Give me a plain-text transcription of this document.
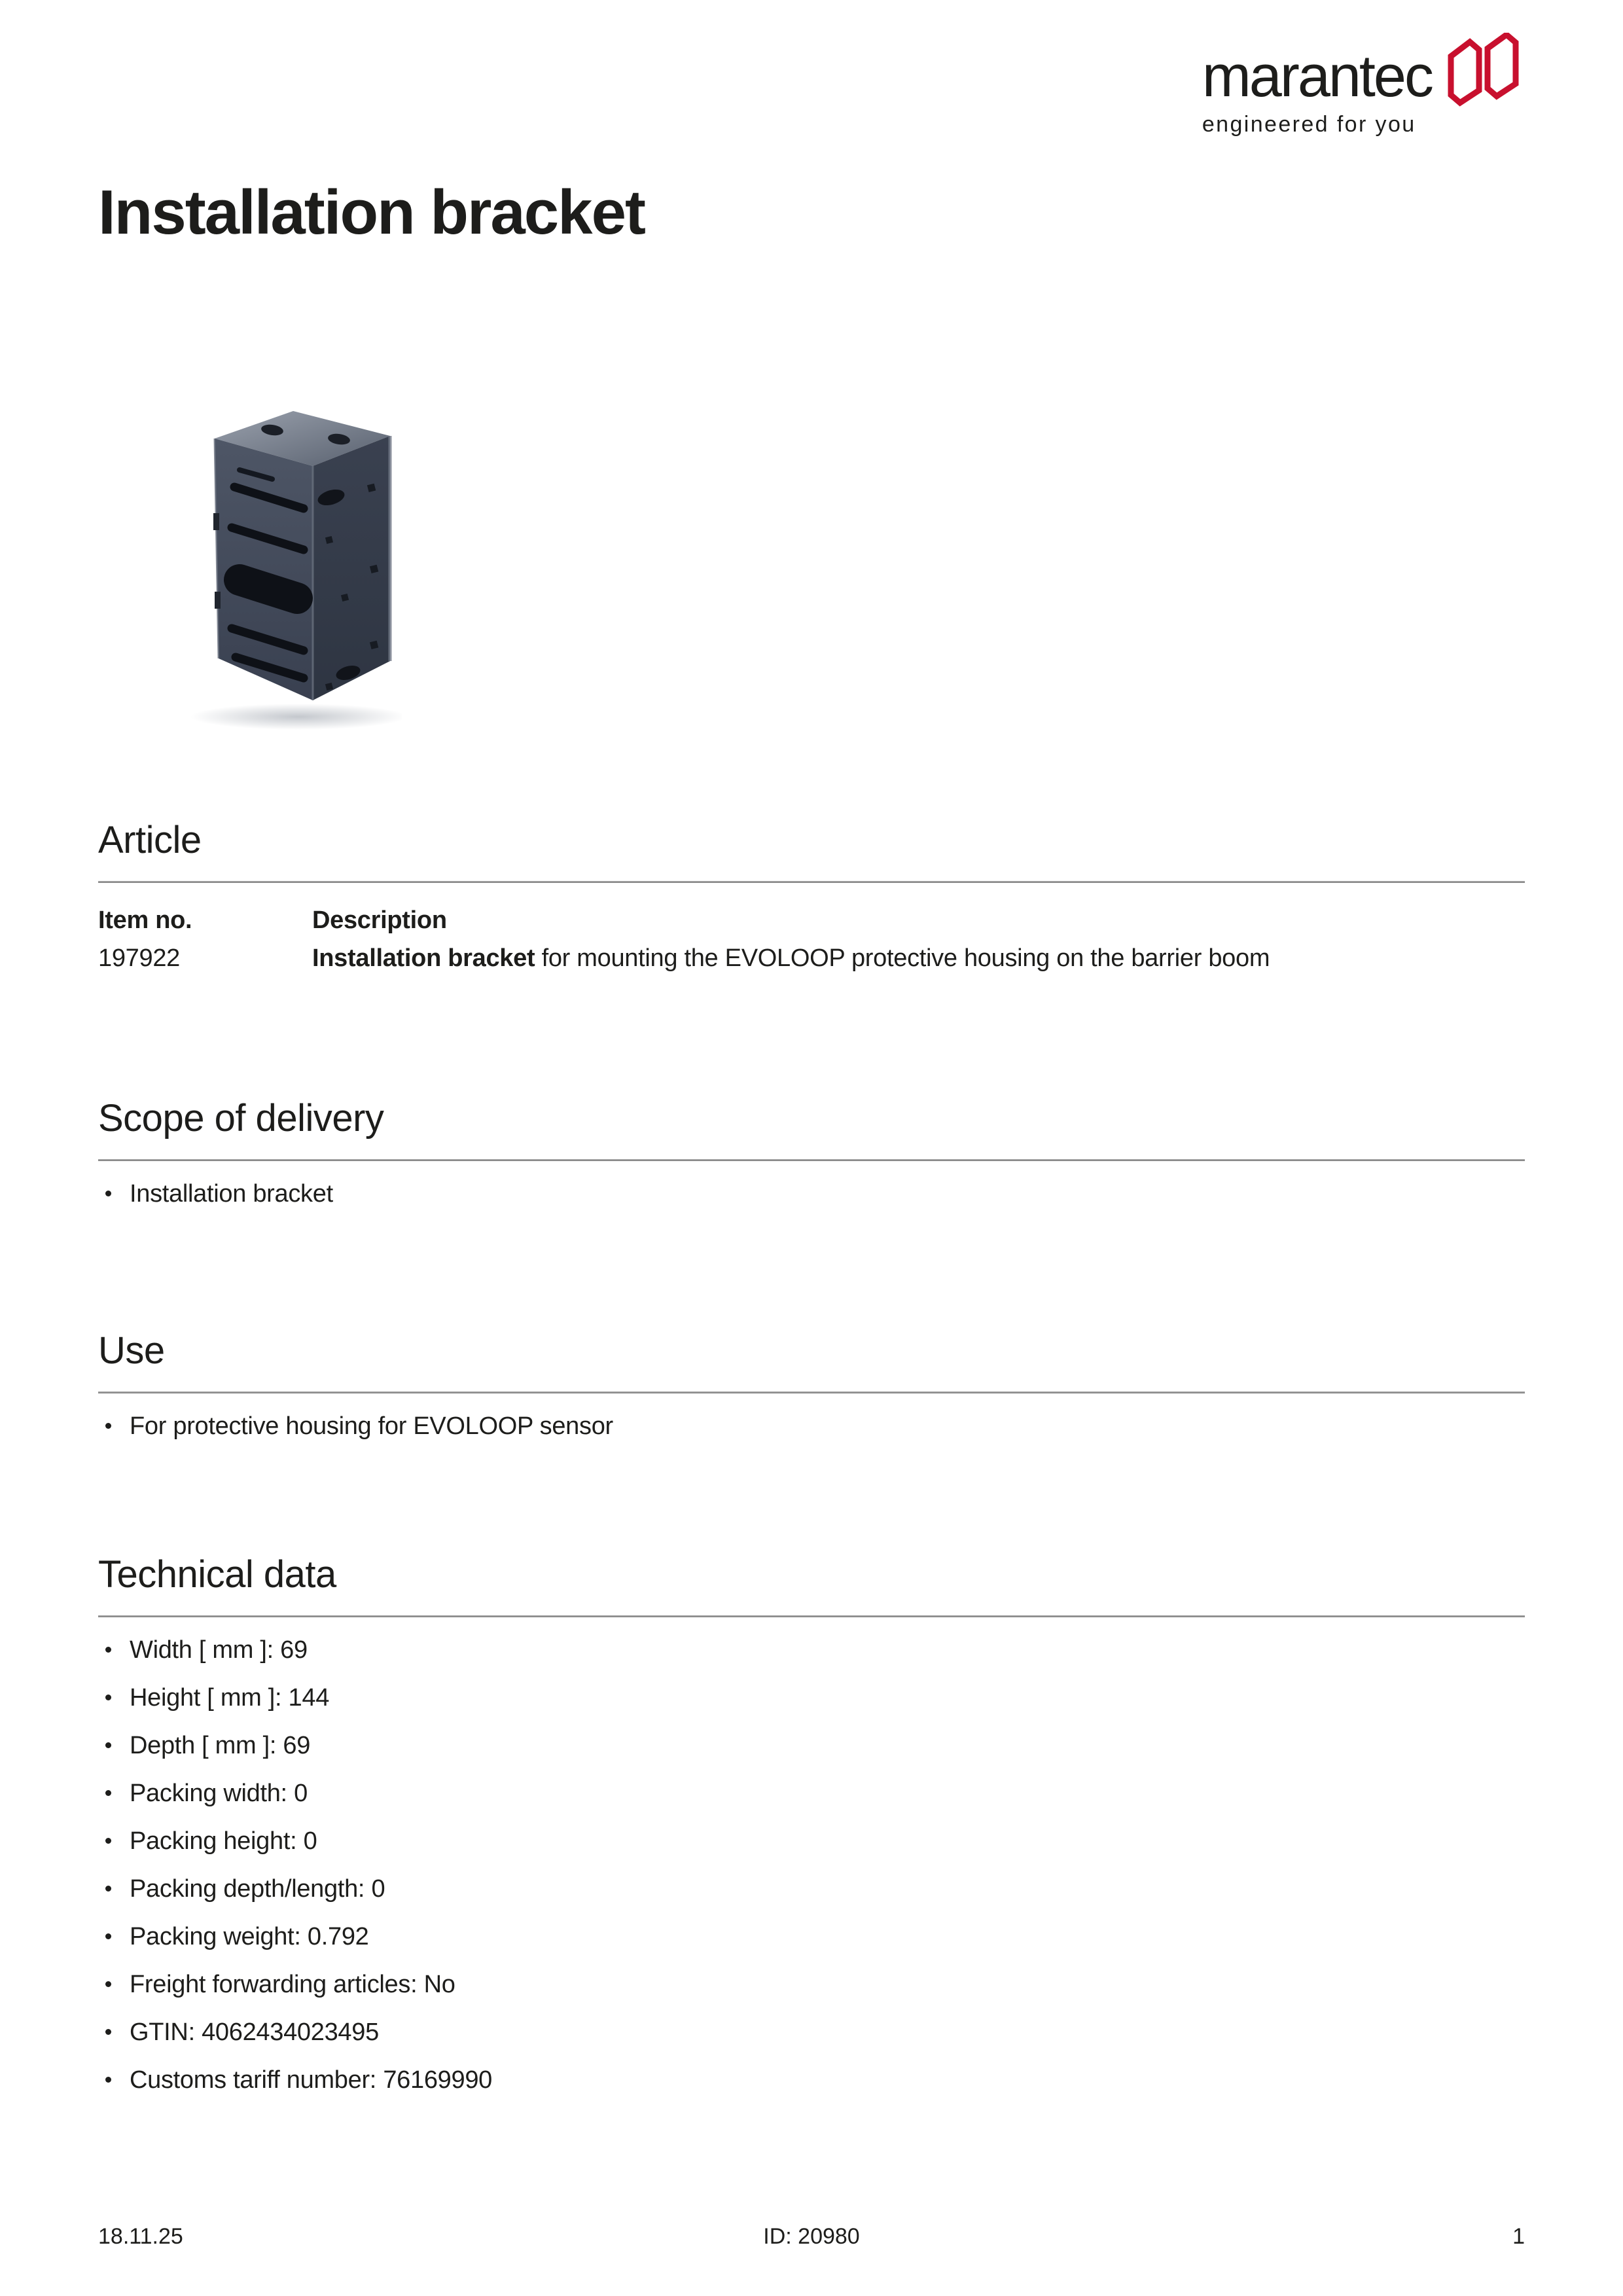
marantec
engineered for you
Installation bracket
Article
Item no.	Description
197922	Installation bracket for mounting the EVOLOOP protective housing on the barrier boom
Scope of delivery
Installation bracket
Use
For protective housing for EVOLOOP sensor
Technical data
Width [ mm ]: 69
Height [ mm ]: 144
Depth [ mm ]: 69
Packing width: 0
Packing height: 0
Packing depth/length: 0
Packing weight: 0.792
Freight forwarding articles: No
GTIN: 4062434023495
Customs tariff number: 76169990
18.11.25	ID: 20980	1
